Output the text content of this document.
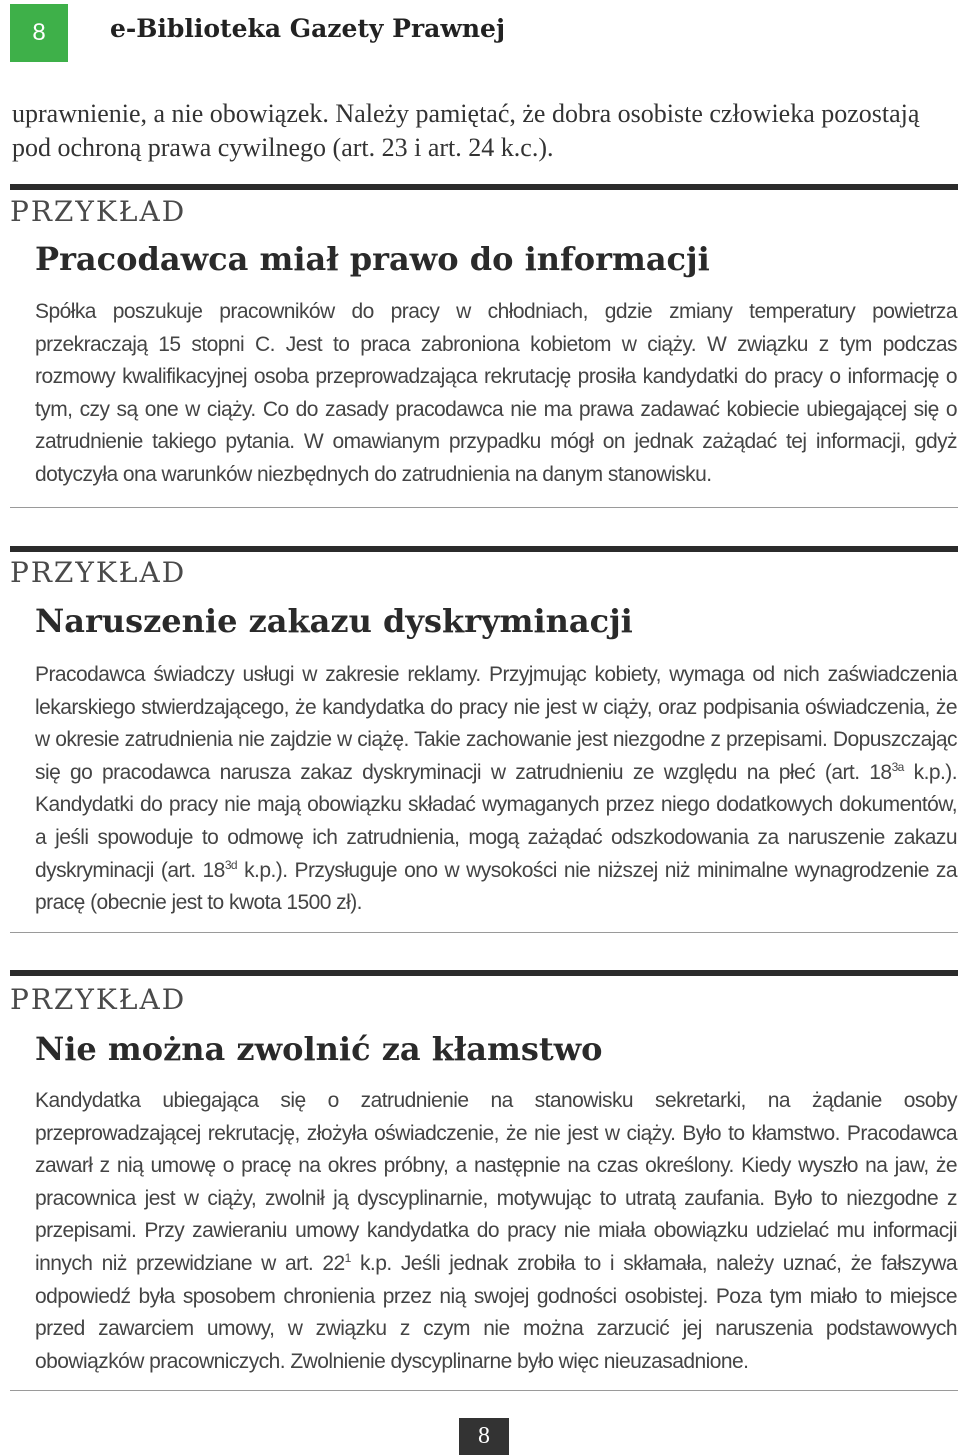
8	e-Biblioteka Gazety Prawnej

uprawnienie, a nie obowiązek. Należy pamiętać, że dobra osobiste człowieka pozostają pod ochroną prawa cywilnego (art. 23 i art. 24 k.c.).

PRZYKŁAD
Pracodawca miał prawo do informacji

Spółka poszukuje pracowników do pracy w chłodniach, gdzie zmiany temperatury powietrza przekraczają 15 stopni C. Jest to praca zabroniona kobietom w ciąży. W związku z tym podczas rozmowy kwalifikacyjnej osoba przeprowadzająca rekrutację prosiła kandydatki do pracy o informację o tym, czy są one w ciąży. Co do zasady pracodawca nie ma prawa zadawać kobiecie ubiegającej się o zatrudnienie takiego pytania. W omawianym przypadku mógł on jednak zażądać tej informacji, gdyż dotyczyła ona warunków niezbędnych do zatrudnienia na danym stanowisku.

PRZYKŁAD
Naruszenie zakazu dyskryminacji

Pracodawca świadczy usługi w zakresie reklamy. Przyjmując kobiety, wymaga od nich zaświadczenia lekarskiego stwierdzającego, że kandydatka do pracy nie jest w ciąży, oraz podpisania oświadczenia, że w okresie zatrudnienia nie zajdzie w ciążę. Takie zachowanie jest niezgodne z przepisami. Dopuszczając się go pracodawca narusza zakaz dyskryminacji w zatrudnieniu ze względu na płeć (art. $18^{3a}$ k.p.). Kandydatki do pracy nie mają obowiązku składać wymaganych przez niego dodatkowych dokumentów, a jeśli spowoduje to odmowę ich zatrudnienia, mogą zażądać odszkodowania za naruszenie zakazu dyskryminacji (art. $18^{3d}$ k.p.). Przysługuje ono w wysokości nie niższej niż minimalne wynagrodzenie za pracę (obecnie jest to kwota 1500 zł).

PRZYKŁAD
Nie można zwolnić za kłamstwo

Kandydatka ubiegająca się o zatrudnienie na stanowisku sekretarki, na żądanie osoby przeprowadzającej rekrutację, złożyła oświadczenie, że nie jest w ciąży. Było to kłamstwo. Pracodawca zawarł z nią umowę o pracę na okres próbny, a następnie na czas określony. Kiedy wyszło na jaw, że pracownica jest w ciąży, zwolnił ją dyscyplinarnie, motywując to utratą zaufania. Było to niezgodne z przepisami. Przy zawieraniu umowy kandydatka do pracy nie miała obowiązku udzielać mu informacji innych niż przewidziane w art. $22^1$ k.p. Jeśli jednak zrobiła to i skłamała, należy uznać, że fałszywa odpowiedź była sposobem chronienia przez nią swojej godności osobistej. Poza tym miało to miejsce przed zawarciem umowy, w związku z czym nie można zarzucić jej naruszenia podstawowych obowiązków pracowniczych. Zwolnienie dyscyplinarne było więc nieuzasadnione.

8
